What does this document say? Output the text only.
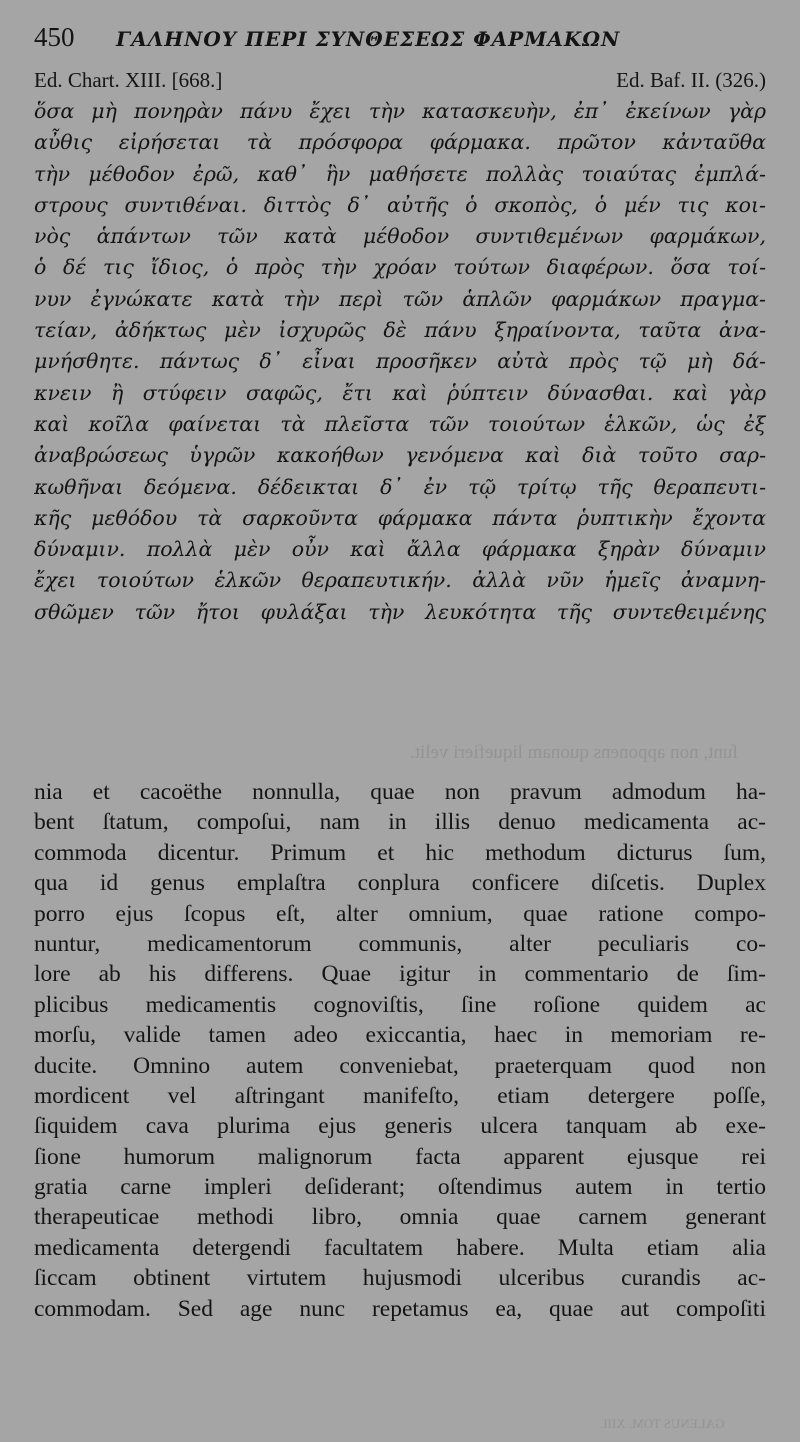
450	ΓΑΛΗΝΟΥ ΠΕΡΙ ΣΥΝΘΕΣΕΩΣ ΦΑΡΜΑΚΩΝ
Ed. Chart. XIII. [668.]	Ed. Baf. II. (326.)
ὅσα μὴ πονηρὰν πάνυ ἔχει τὴν κατασκευὴν, ἐπ᾽ ἐκείνων γὰρ
αὖθις εἰρήσεται τὰ πρόσφορα φάρμακα. πρῶτον κἀνταῦθα
τὴν μέθοδον ἐρῶ, καθ᾽ ἣν μαθήσετε πολλὰς τοιαύτας ἐμπλά-
στρους συντιθέναι. διττὸς δ᾽ αὐτῆς ὁ σκοπὸς, ὁ μέν τις κοι-
νὸς ἁπάντων τῶν κατὰ μέθοδον συντιθεμένων φαρμάκων,
ὁ δέ τις ἴδιος, ὁ πρὸς τὴν χρόαν τούτων διαφέρων. ὅσα τοί-
νυν ἐγνώκατε κατὰ τὴν περὶ τῶν ἁπλῶν φαρμάκων πραγμα-
τείαν, ἀδήκτως μὲν ἰσχυρῶς δὲ πάνυ ξηραίνοντα, ταῦτα ἀνα-
μνήσθητε. πάντως δ᾽ εἶναι προσῆκεν αὐτὰ πρὸς τῷ μὴ δά-
κνειν ἢ στύφειν σαφῶς, ἔτι καὶ ῥύπτειν δύνασθαι. καὶ γὰρ
καὶ κοῖλα φαίνεται τὰ πλεῖστα τῶν τοιούτων ἑλκῶν, ὡς ἐξ
ἀναβρώσεως ὑγρῶν κακοήθων γενόμενα καὶ διὰ τοῦτο σαρ-
κωθῆναι δεόμενα. δέδεικται δ᾽ ἐν τῷ τρίτῳ τῆς θεραπευτι-
κῆς μεθόδου τὰ σαρκοῦντα φάρμακα πάντα ῥυπτικὴν ἔχοντα
δύναμιν. πολλὰ μὲν οὖν καὶ ἄλλα φάρμακα ξηρὰν δύναμιν
ἔχει τοιούτων ἑλκῶν θεραπευτικήν. ἀλλὰ νῦν ἡμεῖς ἀναμνη-
σθῶμεν τῶν ἤτοι φυλάξαι τὴν λευκότητα τῆς συντεθειμένης
ſunt, non apponens quonam liquefieri velit.
nia et cacoëthe nonnulla, quae non pravum admodum ha-
bent ſtatum, compoſui, nam in illis denuo medicamenta ac-
commoda dicentur. Primum et hic methodum dicturus ſum,
qua id genus emplaſtra conplura conficere diſcetis. Duplex
porro ejus ſcopus eſt, alter omnium, quae ratione compo-
nuntur, medicamentorum communis, alter peculiaris co-
lore ab his differens. Quae igitur in commentario de ſim-
plicibus medicamentis cognoviſtis, ſine roſione quidem ac
morſu, valide tamen adeo exiccantia, haec in memoriam re-
ducite. Omnino autem conveniebat, praeterquam quod non
mordicent vel aſtringant manifeſto, etiam detergere poſſe,
ſiquidem cava plurima ejus generis ulcera tanquam ab exe-
ſione humorum malignorum facta apparent ejusque rei
gratia carne impleri deſiderant; oſtendimus autem in tertio
therapeuticae methodi libro, omnia quae carnem generant
medicamenta detergendi facultatem habere. Multa etiam alia
ſiccam obtinent virtutem hujusmodi ulceribus curandis ac-
commodam. Sed age nunc repetamus ea, quae aut compoſiti
GALENUS TOM. XIII.
